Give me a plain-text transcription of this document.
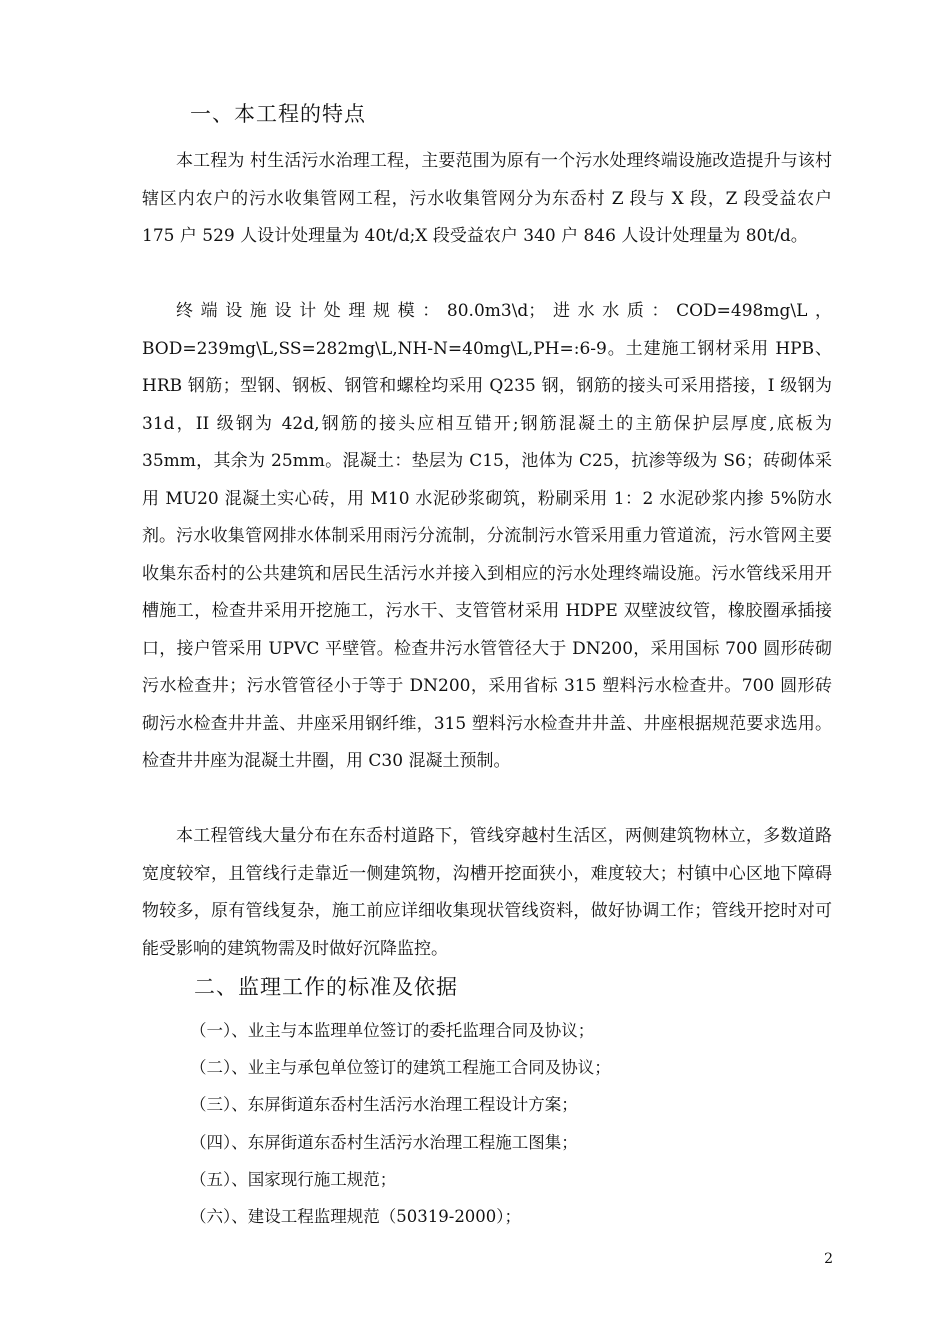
一、本工程的特点

本工程为 村生活污水治理工程，主要范围为原有一个污水处理终端设施改造提升与该村辖区内农户的污水收集管网工程，污水收集管网分为东岙村 Z 段与 X 段，Z 段受益农户 175 户 529 人设计处理量为 40t/d;X 段受益农户 340 户 846 人设计处理量为 80t/d。

终端设施设计处理规模：80.0m3\d；进水水质：COD=498mg\L，BOD=239mg\L,SS=282mg\L,NH-N=40mg\L,PH=:6-9。土建施工钢材采用 HPB、HRB 钢筋；型钢、钢板、钢管和螺栓均采用 Q235 钢，钢筋的接头可采用搭接，I 级钢为 31d，II 级钢为 42d,钢筋的接头应相互错开;钢筋混凝土的主筋保护层厚度,底板为 35mm，其余为 25mm。混凝土：垫层为 C15，池体为 C25，抗渗等级为 S6；砖砌体采用 MU20 混凝土实心砖，用 M10 水泥砂浆砌筑，粉刷采用 1：2 水泥砂浆内掺 5%防水剂。 污水收集管网排水体制采用雨污分流制，分流制污水管采用重力管道流，污水管网主要收集东岙村的公共建筑和居民生活污水并接入到相应的污水处理终端设施。污水管线采用开槽施工，检查井采用开挖施工，污水干、支管管材采用 HDPE 双壁波纹管，橡胶圈承插接口，接户管采用 UPVC 平壁管。检查井污水管管径大于 DN200，采用国标 700 圆形砖砌污水检查井；污水管管径小于等于 DN200，采用省标 315 塑料污水检查井。700 圆形砖砌污水检查井井盖、井座采用钢纤维，315 塑料污水检查井井盖、井座根据规范要求选用。检查井井座为混凝土井圈，用 C30 混凝土预制。

本工程管线大量分布在东岙村道路下，管线穿越村生活区，两侧建筑物林立，多数道路宽度较窄，且管线行走靠近一侧建筑物，沟槽开挖面狭小，难度较大；村镇中心区地下障碍物较多，原有管线复杂，施工前应详细收集现状管线资料，做好协调工作；管线开挖时对可能受影响的建筑物需及时做好沉降监控。

二、监理工作的标准及依据
（一）、业主与本监理单位签订的委托监理合同及协议；
（二）、业主与承包单位签订的建筑工程施工合同及协议；
（三）、东屏街道东岙村生活污水治理工程设计方案；
（四）、东屏街道东岙村生活污水治理工程施工图集；
（五）、国家现行施工规范；
（六）、建设工程监理规范（50319-2000）；
2
